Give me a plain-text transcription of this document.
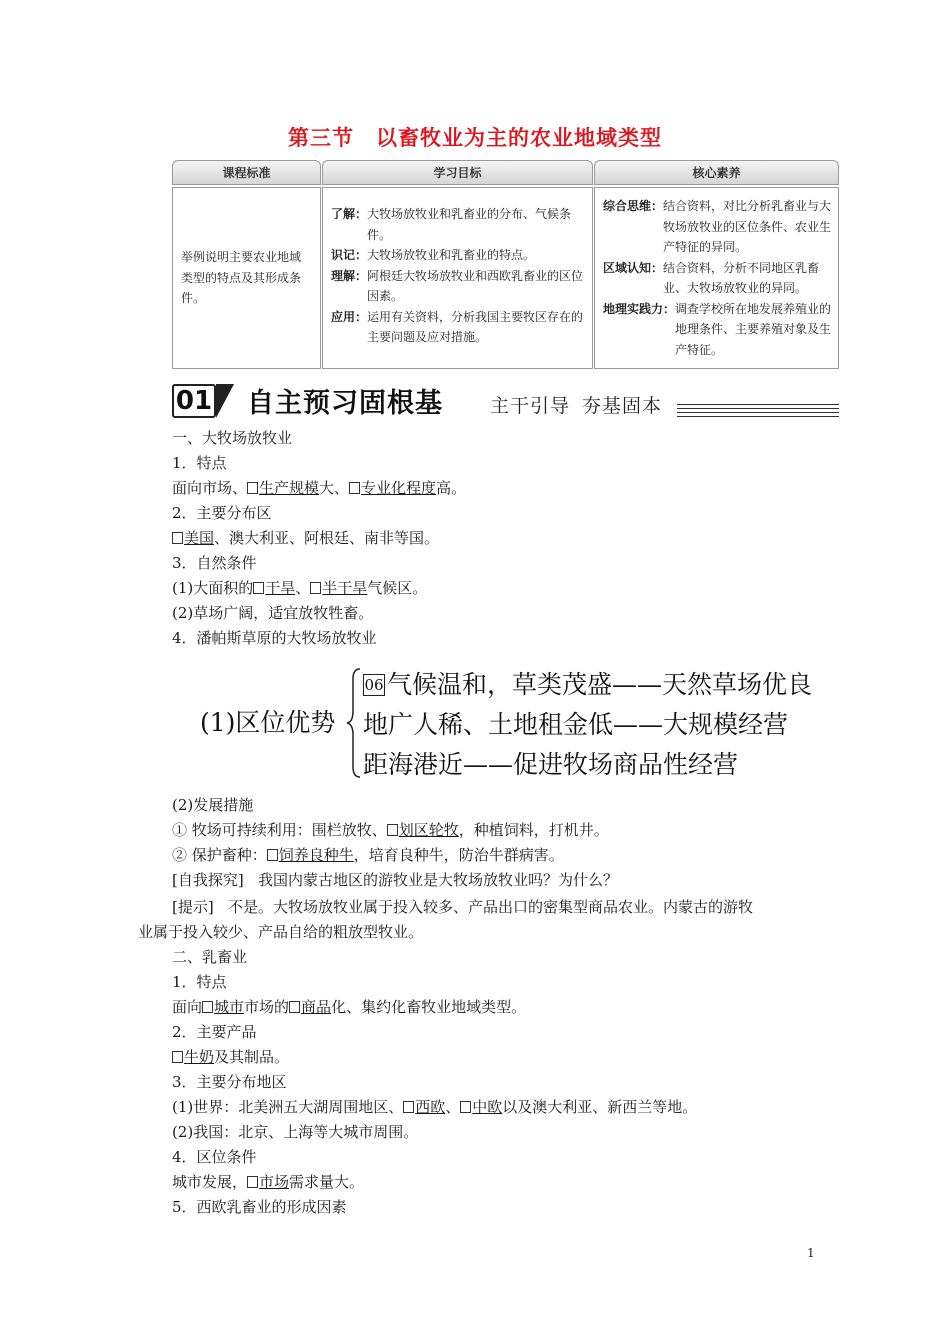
第三节 以畜牧业为主的农业地域类型
课程标准	学习目标	核心素养
举例说明主要农业地域类型的特点及其形成条件。
了解： 大牧场放牧业和乳畜业的分布、气候条件。
识记： 大牧场放牧业和乳畜业的特点。
理解： 阿根廷大牧场放牧业和西欧乳畜业的区位因素。
应用： 运用有关资料，分析我国主要牧区存在的主要问题及应对措施。
综合思维： 结合资料，对比分析乳畜业与大牧场放牧业的区位条件、农业生产特征的异同。
区域认知： 结合资料，分析不同地区乳畜业、大牧场放牧业的异同。
地理实践力： 调查学校所在地发展养殖业的地理条件、主要养殖对象及生产特征。
01 自主预习固根基 主干引导 夯基固本
一、大牧场放牧业
1．特点
面向市场、 生产规模大、 专业化程度高。
2．主要分布区
美国、澳大利亚、阿根廷、南非等国。
3．自然条件
(1)大面积的 干旱、 半干旱气候区。
(2)草场广阔，适宜放牧牲畜。
4．潘帕斯草原的大牧场放牧业
(1)区位优势
06 气候温和，草类茂盛——天然草场优良
地广人稀、土地租金低——大规模经营
距海港近——促进牧场商品性经营
(2)发展措施
① 牧场可持续利用：围栏放牧、 划区轮牧，种植饲料，打机井。
② 保护畜种： 饲养良种牛，培育良种牛，防治牛群病害。
[自我探究] 我国内蒙古地区的游牧业是大牧场放牧业吗？为什么？
[提示] 不是。大牧场放牧业属于投入较多、产品出口的密集型商品农业。内蒙古的游牧
业属于投入较少、产品自给的粗放型牧业。
二、乳畜业
1．特点
面向 城市市场的 商品化、集约化畜牧业地域类型。
2．主要产品
牛奶及其制品。
3．主要分布地区
(1)世界：北美洲五大湖周围地区、 西欧、 中欧以及澳大利亚、新西兰等地。
(2)我国：北京、上海等大城市周围。
4．区位条件
城市发展， 市场需求量大。
5．西欧乳畜业的形成因素
1
